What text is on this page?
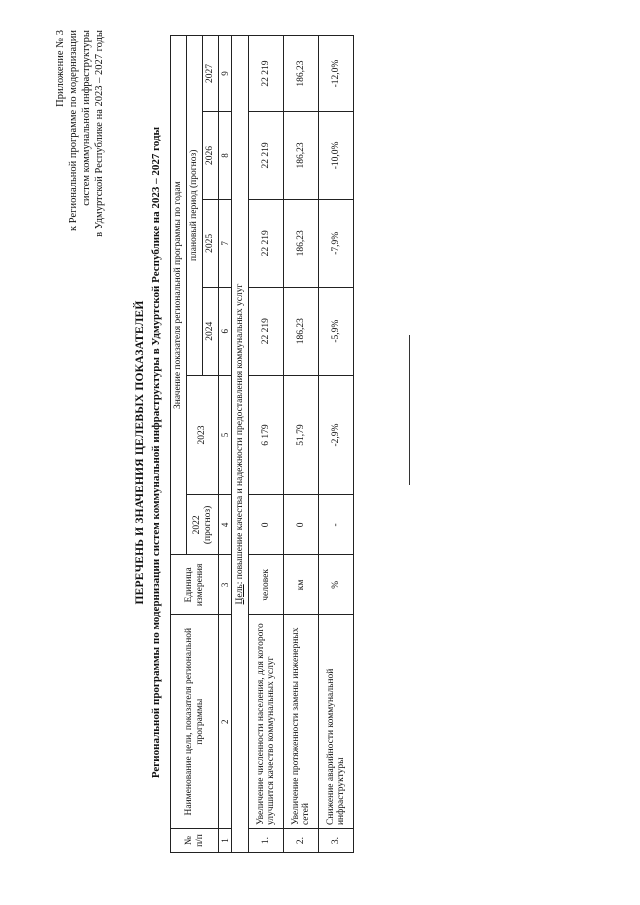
Приложение № 3 к Региональной программе по модернизации систем коммунальной инфраструктуры в Удмуртской Республике на 2023 – 2027 годы
ПЕРЕЧЕНЬ И ЗНАЧЕНИЯ ЦЕЛЕВЫХ ПОКАЗАТЕЛЕЙ Региональной программы по модернизации систем коммунальной инфраструктуры в Удмуртской Республике на 2023 – 2027 годы
№ п/п	Наименование цели, показателя региональной программы	Единица измерения	Значение показателя региональной программы по годам					

			2022 (прогноз)	2023	плановый период (прогноз)			
					2024	2025	2026	2027
1	2	3	4	5	6	7	8	9
Цель: повышение качества и надежности предоставления коммунальных услуг								
1.	Увеличение численности населения, для которого улучшится качество коммунальных услуг	человек	0	6 179	22 219	22 219	22 219	22 219
2.	Увеличение протяженности замены инженерных сетей	км	0	51,79	186,23	186,23	186,23	186,23
3.	Снижение аварийности коммунальной инфраструктуры	%	-	-2,9%	-5,9%	-7,9%	-10,0%	-12,0%
